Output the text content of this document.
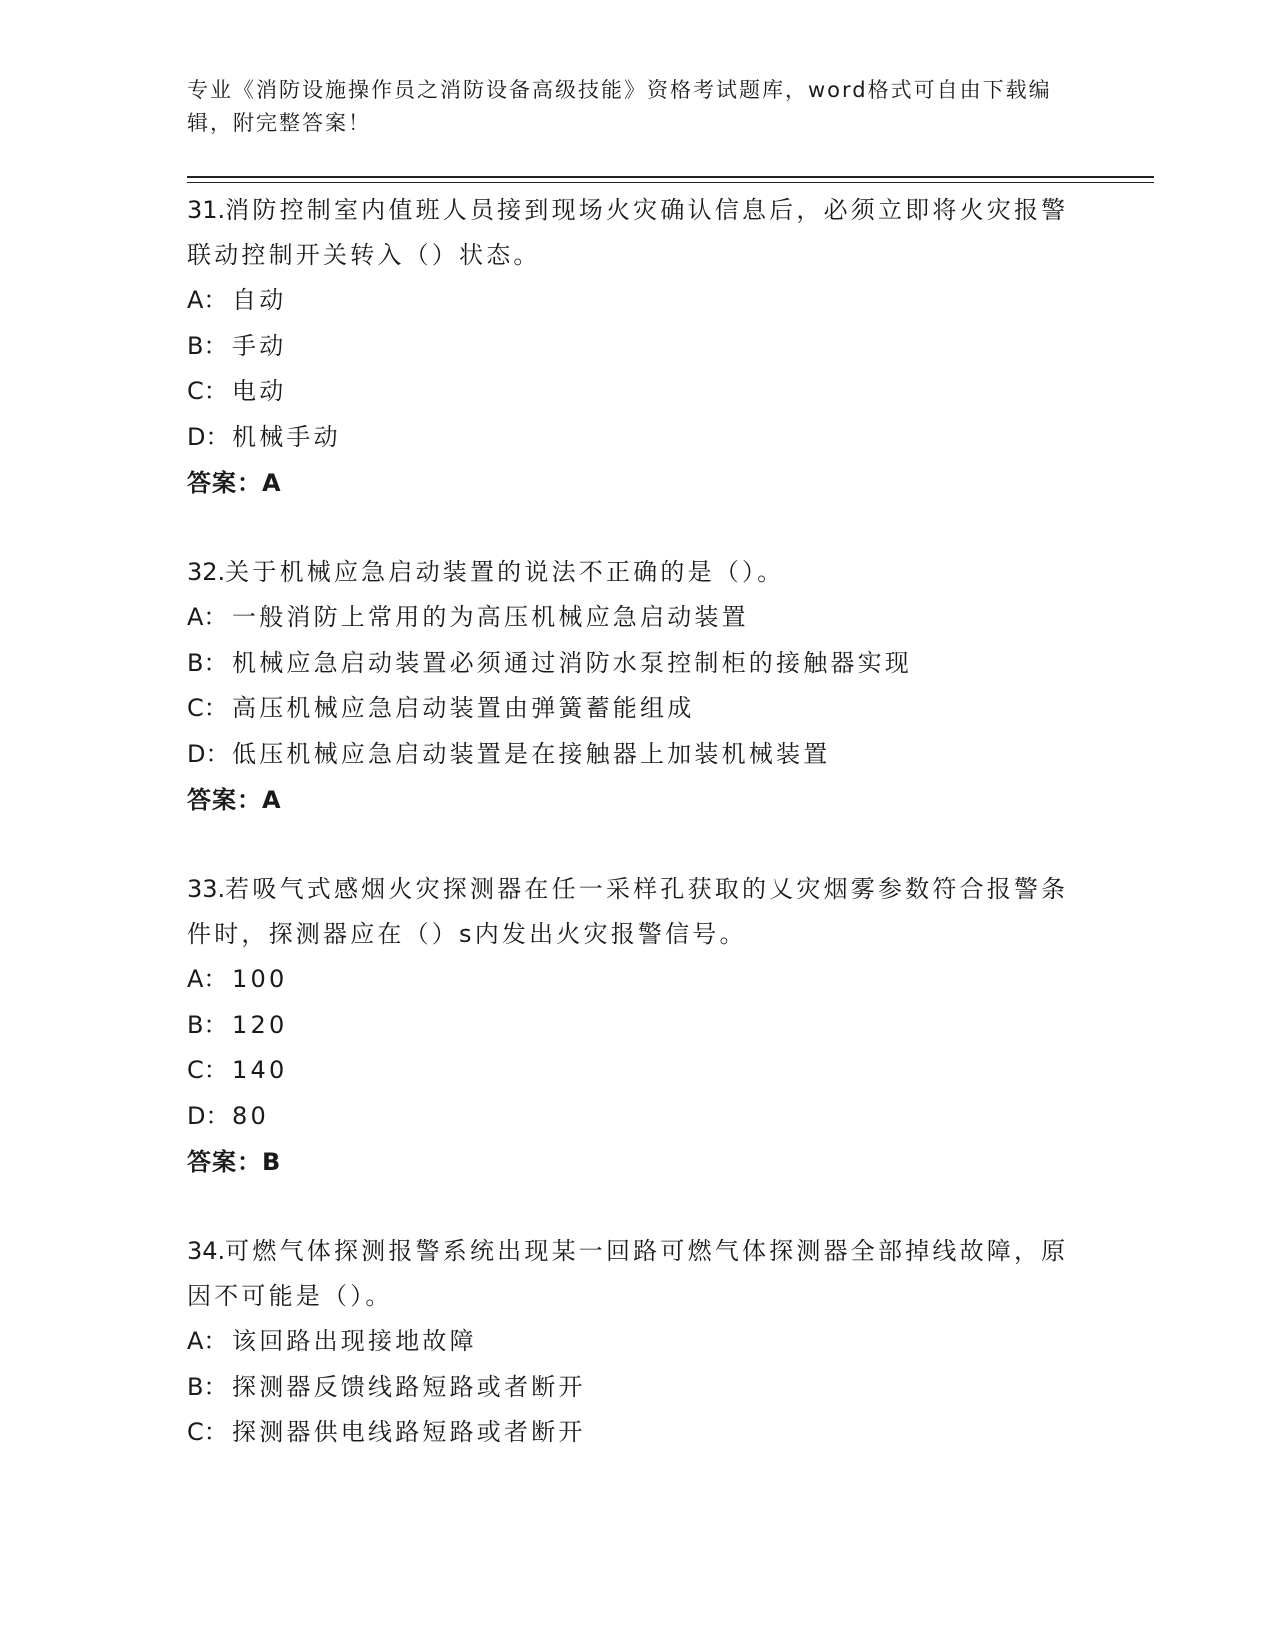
专业《消防设施操作员之消防设备高级技能》资格考试题库，word格式可自由下载编辑，附完整答案！

31.消防控制室内值班人员接到现场火灾确认信息后，必须立即将火灾报警联动控制开关转入（）状态。

A： 自动

B： 手动

C： 电动

D： 机械手动

答案：A

32.关于机械应急启动装置的说法不正确的是（）。

A： 一般消防上常用的为高压机械应急启动装置

B： 机械应急启动装置必须通过消防水泵控制柜的接触器实现

C： 高压机械应急启动装置由弹簧蓄能组成

D： 低压机械应急启动装置是在接触器上加装机械装置

答案：A

33.若吸气式感烟火灾探测器在任一采样孔获取的乂灾烟雾参数符合报警条件时，探测器应在（）s内发出火灾报警信号。

A： 100

B： 120

C： 140

D： 80

答案：B

34.可燃气体探测报警系统出现某一回路可燃气体探测器全部掉线故障，原因不可能是（）。

A： 该回路出现接地故障

B： 探测器反馈线路短路或者断开

C： 探测器供电线路短路或者断开
